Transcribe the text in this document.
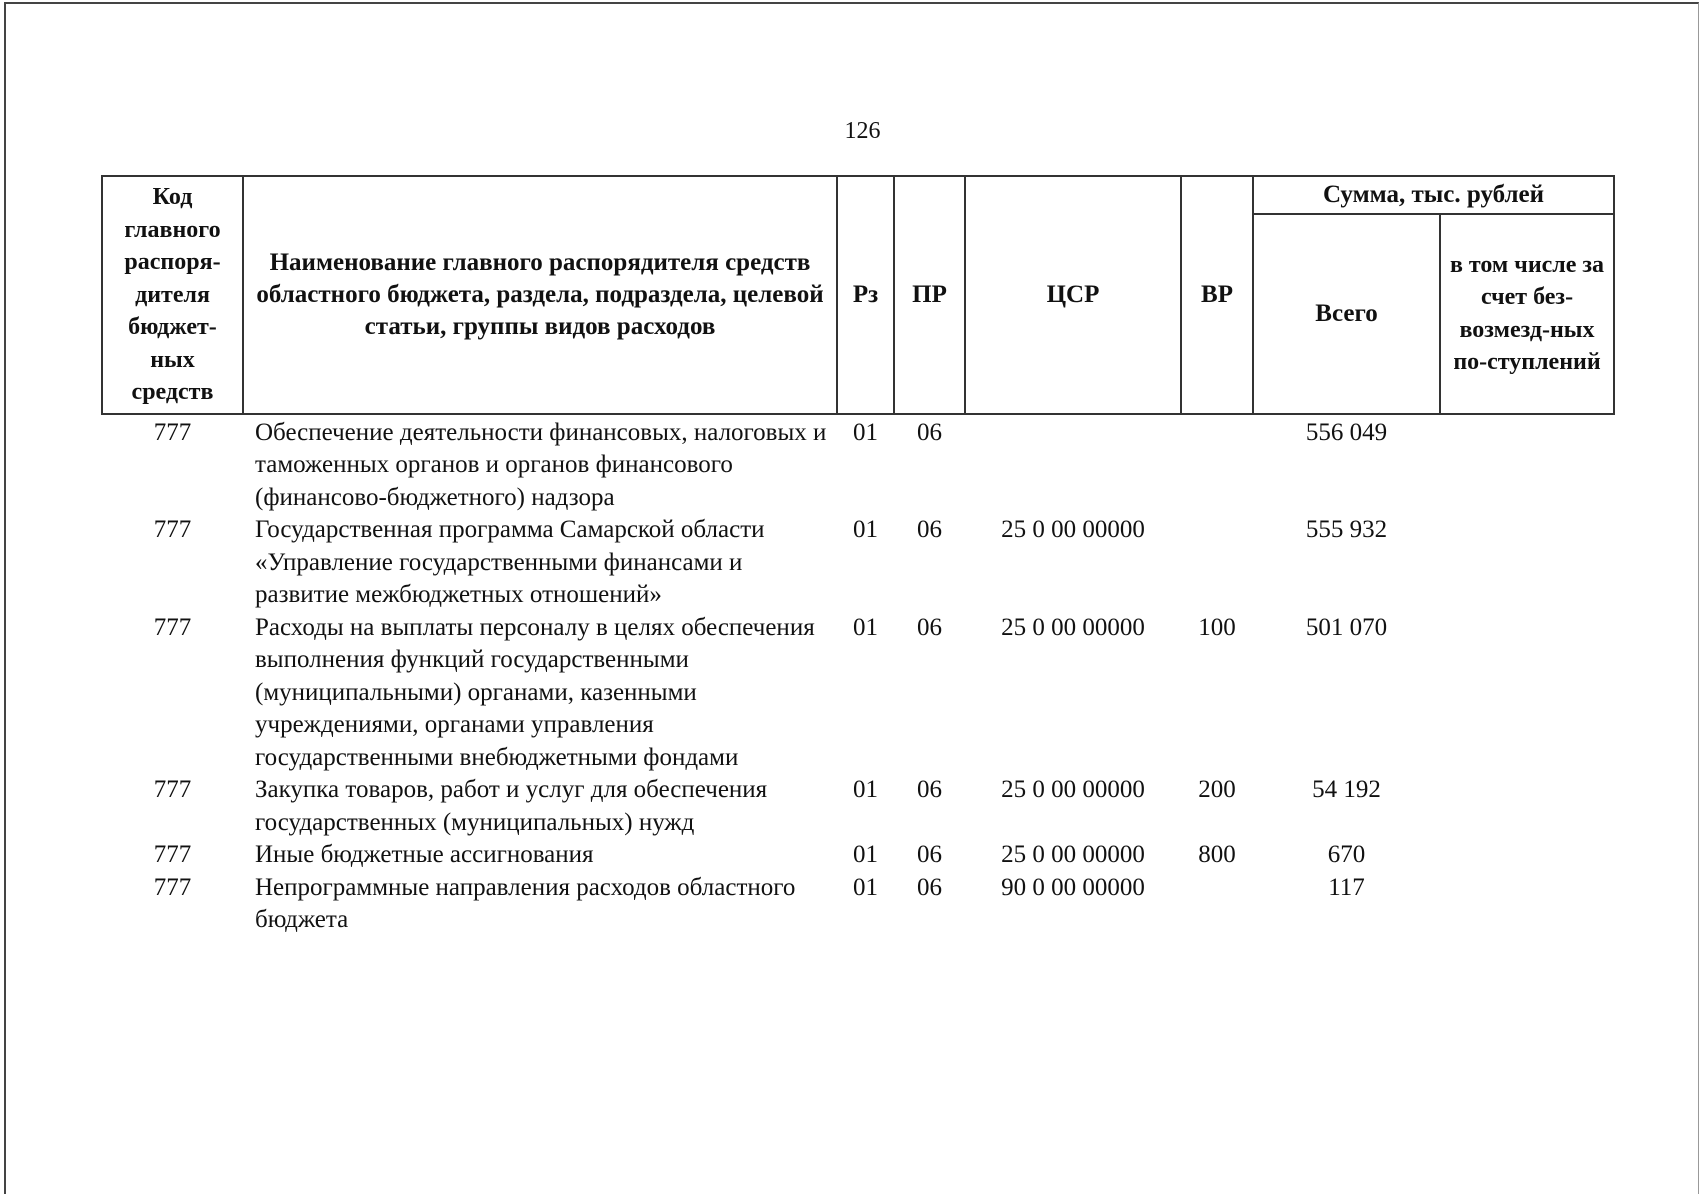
126
Код главного распоря-дителя бюджет-ных средств	Наименование главного распорядителя средств областного бюджета, раздела, подраздела, целевой статьи, группы видов расходов	Рз	ПР	ЦСР	ВР	Сумма, тыс. рублей	
						Всего	в том числе за счет без-возмезд-ных по-ступлений
777	Обеспечение деятельности финансовых, налоговых и таможенных органов и органов финансового (финансово-бюджетного) надзора	01	06			556 049	
777	Государственная программа Самарской области «Управление государственными финансами и развитие межбюджетных отношений»	01	06	25 0 00 00000		555 932	
777	Расходы на выплаты персоналу в целях обеспечения выполнения функций государственными (муниципальными) органами, казенными учреждениями, органами управления государственными внебюджетными фондами	01	06	25 0 00 00000	100	501 070	
777	Закупка товаров, работ и услуг для обеспечения государственных (муниципальных) нужд	01	06	25 0 00 00000	200	54 192	
777	Иные бюджетные ассигнования	01	06	25 0 00 00000	800	670	
777	Непрограммные направления расходов областного бюджета	01	06	90 0 00 00000		117	
